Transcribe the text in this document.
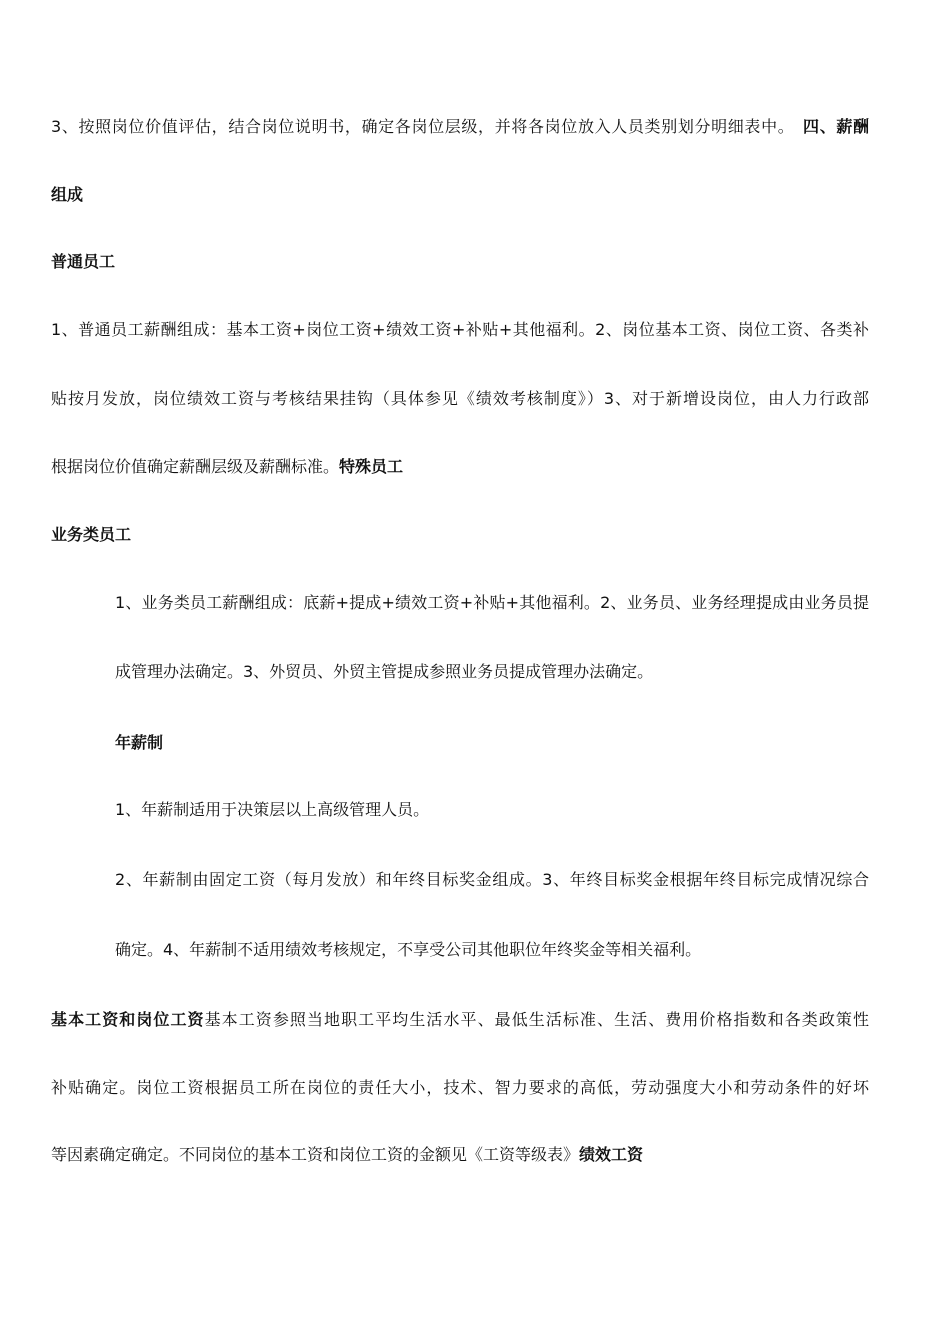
3、按照岗位价值评估，结合岗位说明书，确定各岗位层级，并将各岗位放入人员类别划分明细表中。 四、薪酬
组成
普通员工
1、普通员工薪酬组成：基本工资+岗位工资+绩效工资+补贴+其他福利。2、岗位基本工资、岗位工资、各类补
贴按月发放，岗位绩效工资与考核结果挂钩（具体参见《绩效考核制度》）3、对于新增设岗位，由人力行政部
根据岗位价值确定薪酬层级及薪酬标准。特殊员工
业务类员工
1、业务类员工薪酬组成：底薪+提成+绩效工资+补贴+其他福利。2、业务员、业务经理提成由业务员提
成管理办法确定。3、外贸员、外贸主管提成参照业务员提成管理办法确定。
年薪制
1、年薪制适用于决策层以上高级管理人员。
2、年薪制由固定工资（每月发放）和年终目标奖金组成。3、年终目标奖金根据年终目标完成情况综合
确定。4、年薪制不适用绩效考核规定，不享受公司其他职位年终奖金等相关福利。
基本工资和岗位工资基本工资参照当地职工平均生活水平、最低生活标准、生活、费用价格指数和各类政策性
补贴确定。岗位工资根据员工所在岗位的责任大小，技术、智力要求的高低，劳动强度大小和劳动条件的好坏
等因素确定确定。不同岗位的基本工资和岗位工资的金额见《工资等级表》绩效工资
